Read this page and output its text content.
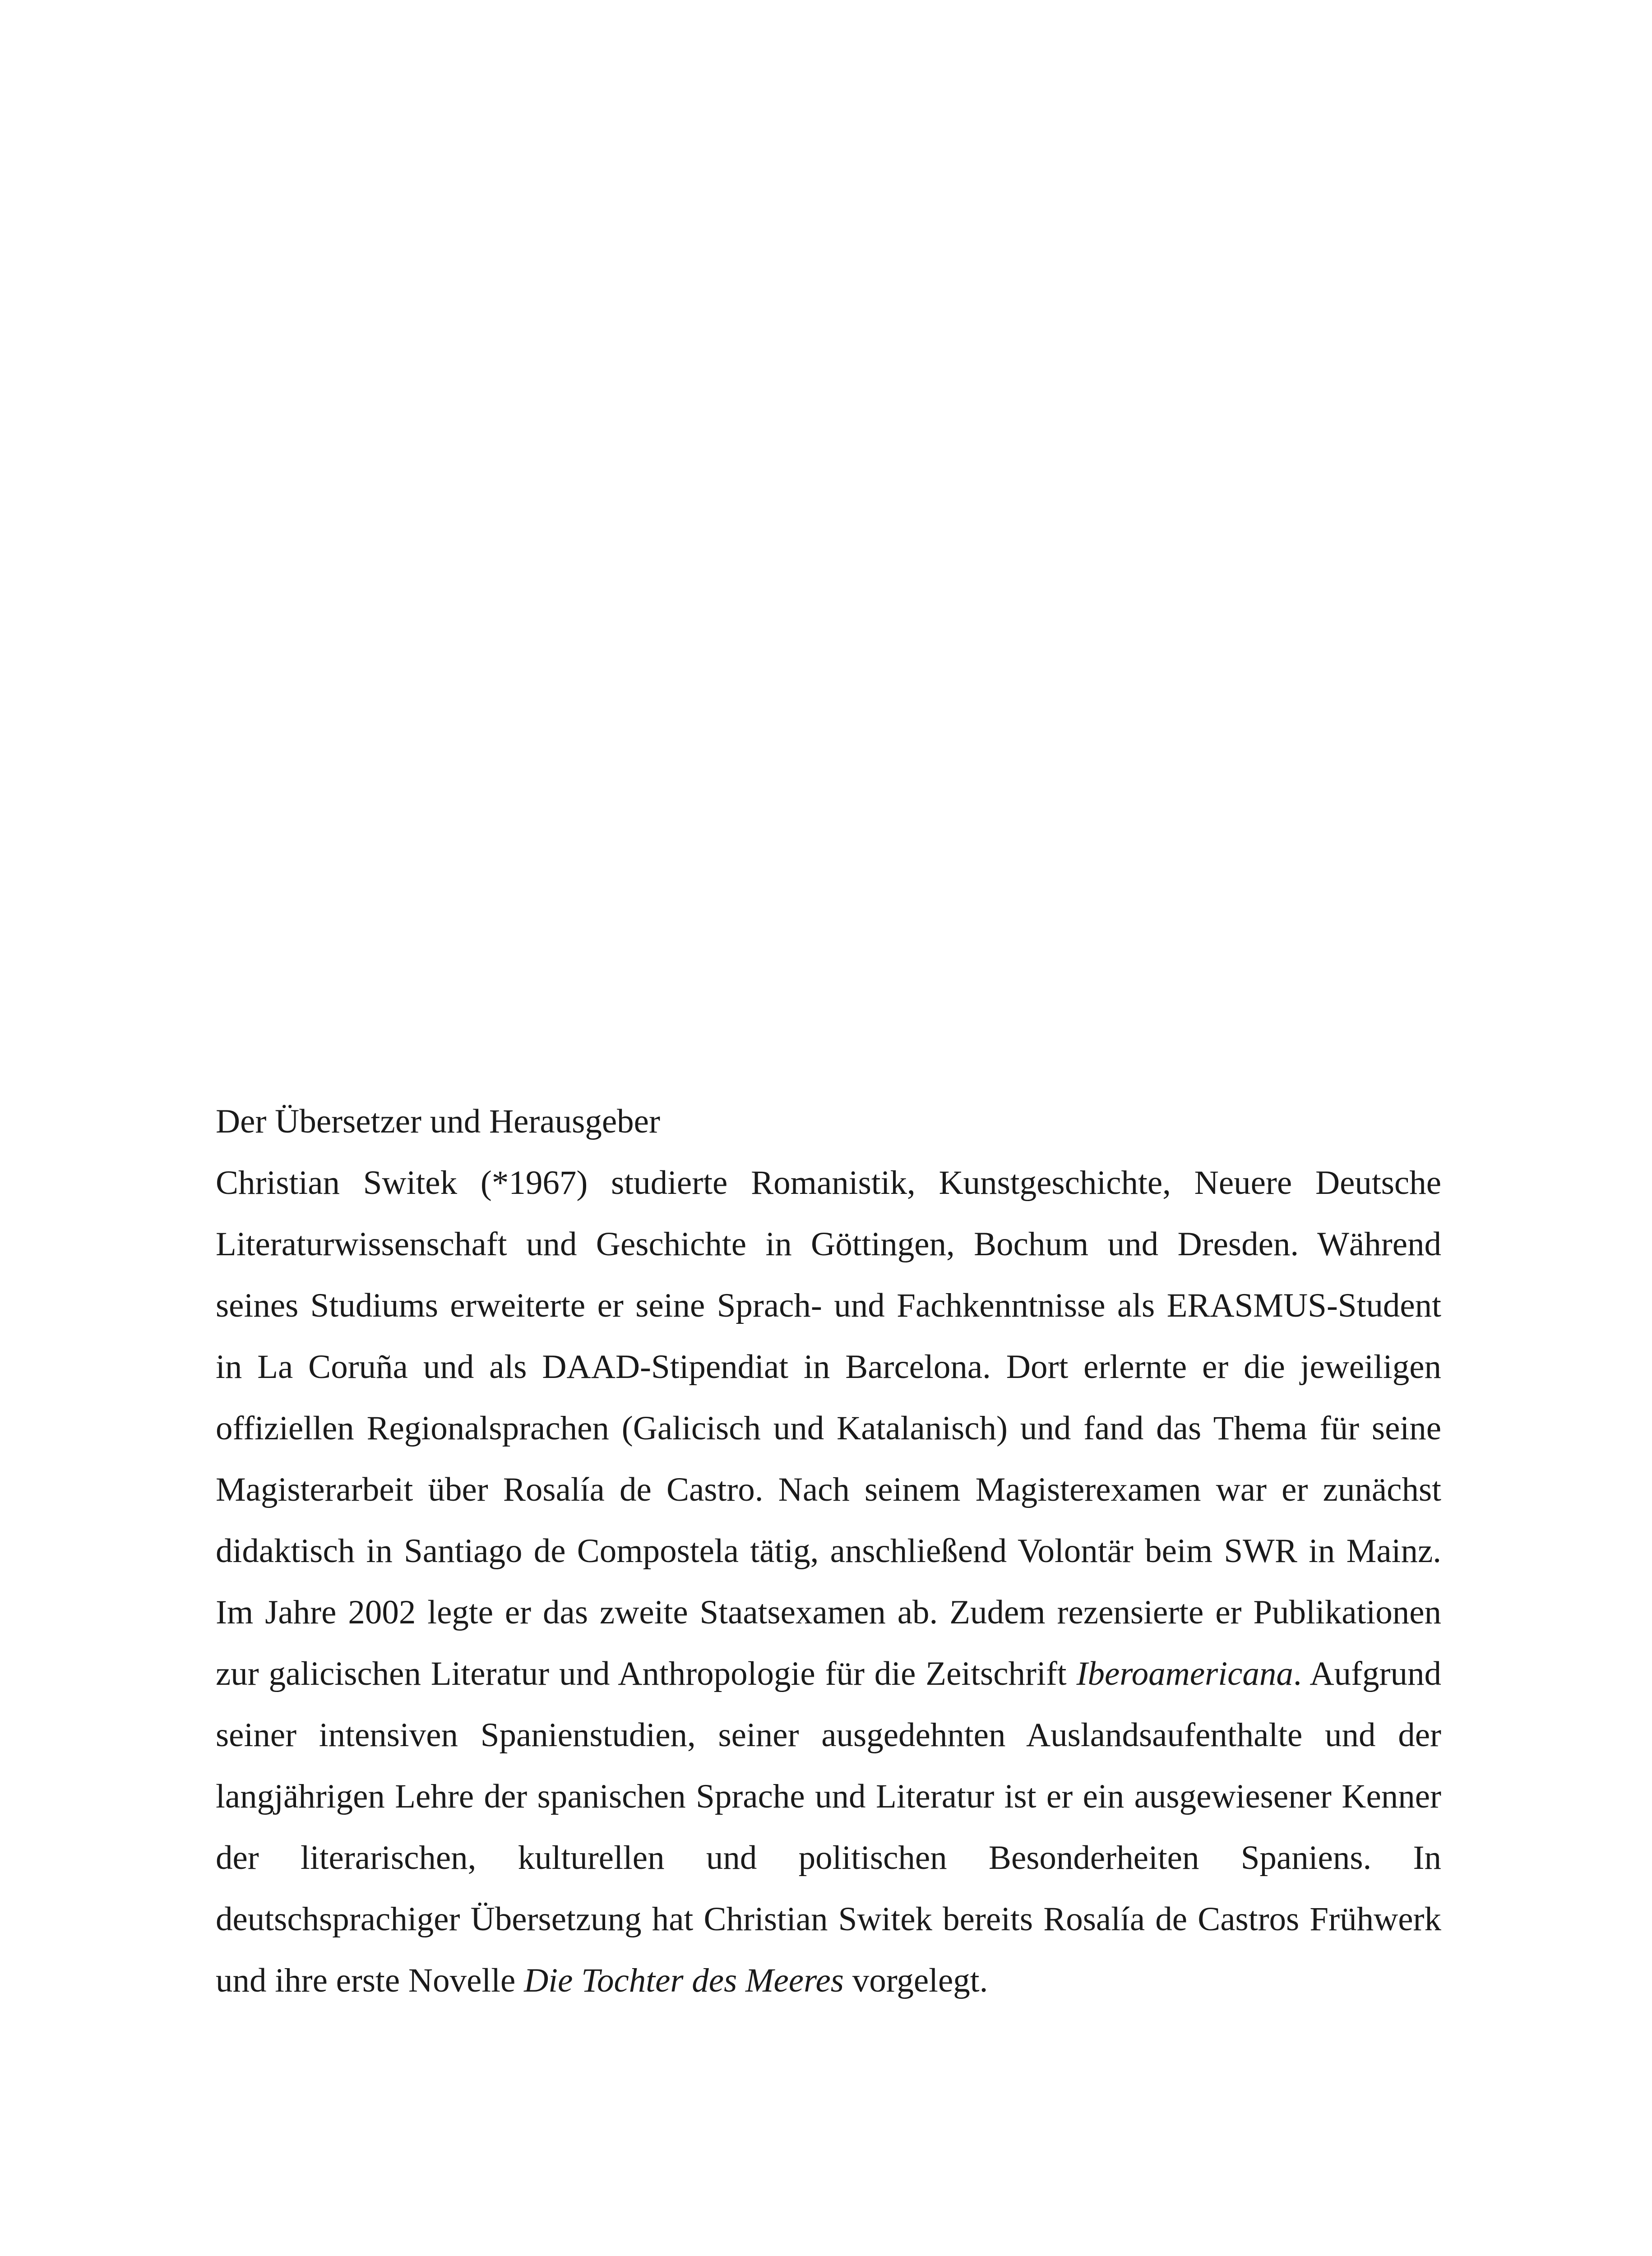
Der Übersetzer und Herausgeber

Christian Switek (*1967) studierte Romanistik, Kunstgeschichte, Neuere Deutsche Literaturwissenschaft und Geschichte in Göttingen, Bochum und Dresden. Während seines Studiums erweiterte er seine Sprach- und Fachkenntnisse als ERASMUS-Student in La Coruña und als DAAD-Stipendiat in Barcelona. Dort erlernte er die jeweiligen offiziellen Regionalsprachen (Galicisch und Katalanisch) und fand das Thema für seine Magisterarbeit über Rosalía de Castro. Nach seinem Magisterexamen war er zunächst didaktisch in Santiago de Compostela tätig, anschließend Volontär beim SWR in Mainz. Im Jahre 2002 legte er das zweite Staatsexamen ab. Zudem rezensierte er Publikationen zur galicischen Literatur und Anthropologie für die Zeitschrift Iberoamericana. Aufgrund seiner intensiven Spanienstudien, seiner ausgedehnten Auslandsaufenthalte und der langjährigen Lehre der spanischen Sprache und Literatur ist er ein ausgewiesener Kenner der literarischen, kulturellen und politischen Besonderheiten Spaniens. In deutschsprachiger Übersetzung hat Christian Switek bereits Rosalía de Castros Frühwerk und ihre erste Novelle Die Tochter des Meeres vorgelegt.
